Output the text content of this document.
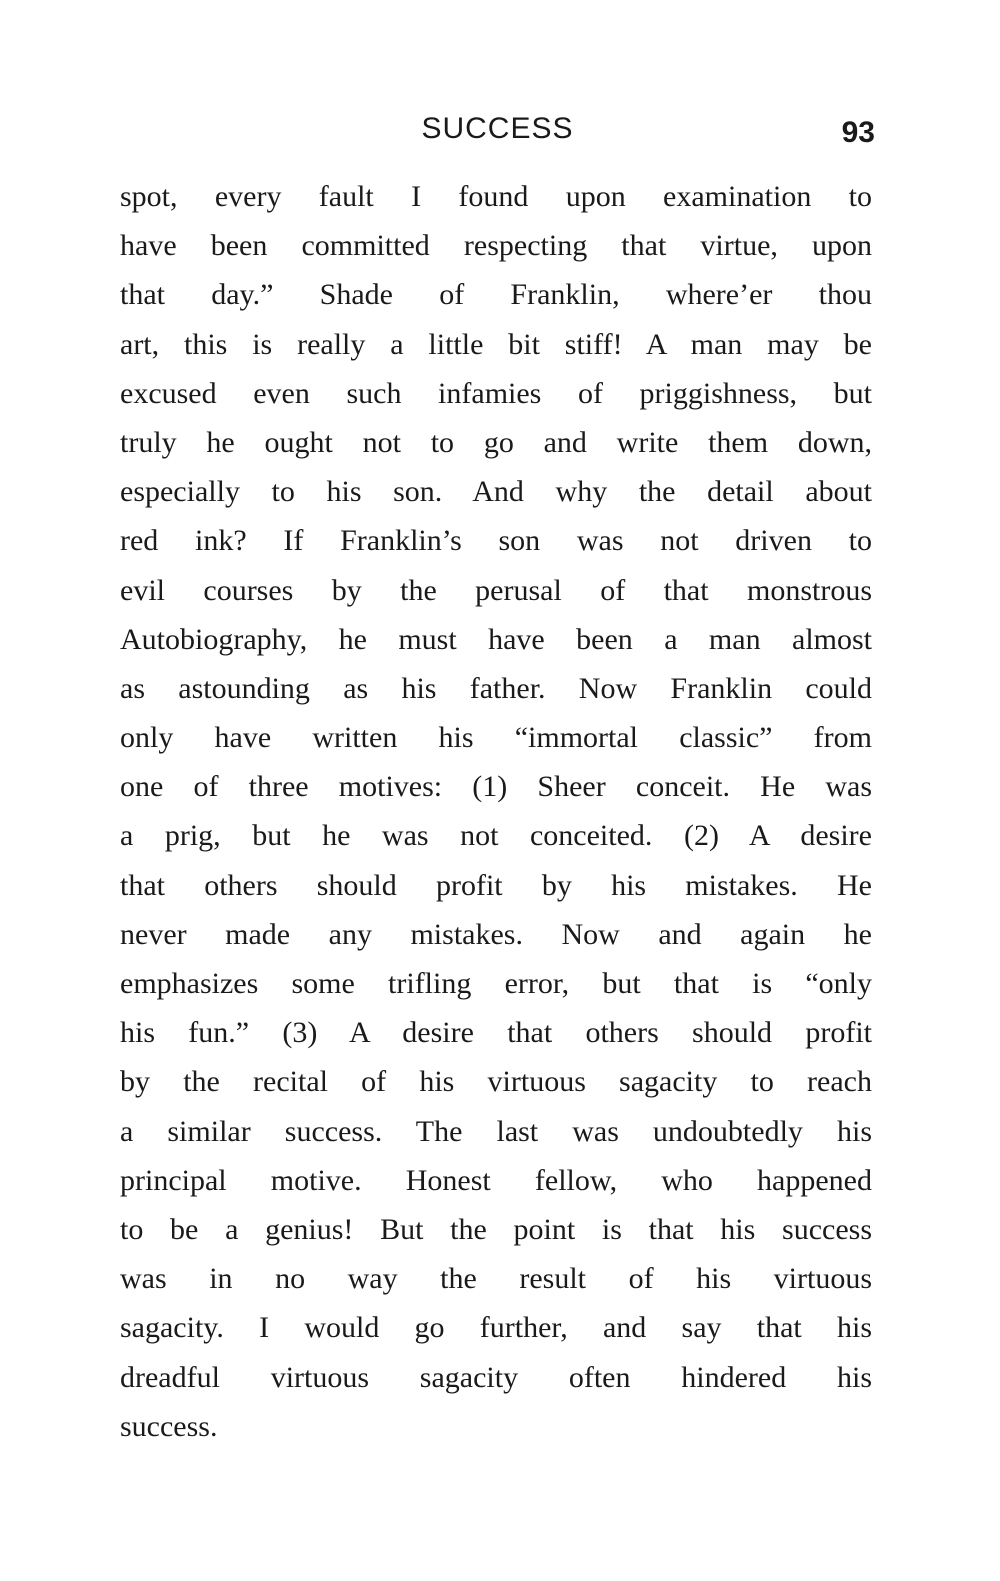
SUCCESS	93
spot, every fault I found upon examination to
have been committed respecting that virtue, upon
that day.” Shade of Franklin, where’er thou
art, this is really a little bit stiff! A man may be
excused even such infamies of priggishness, but
truly he ought not to go and write them down,
especially to his son. And why the detail about
red ink? If Franklin’s son was not driven to
evil courses by the perusal of that monstrous
Autobiography, he must have been a man almost
as astounding as his father. Now Franklin could
only have written his “immortal classic” from
one of three motives: (1) Sheer conceit. He was
a prig, but he was not conceited. (2) A desire
that others should profit by his mistakes. He
never made any mistakes. Now and again he
emphasizes some trifling error, but that is “only
his fun.” (3) A desire that others should profit
by the recital of his virtuous sagacity to reach
a similar success. The last was undoubtedly his
principal motive. Honest fellow, who happened
to be a genius! But the point is that his success
was in no way the result of his virtuous
sagacity. I would go further, and say that his
dreadful virtuous sagacity often hindered his
success.
